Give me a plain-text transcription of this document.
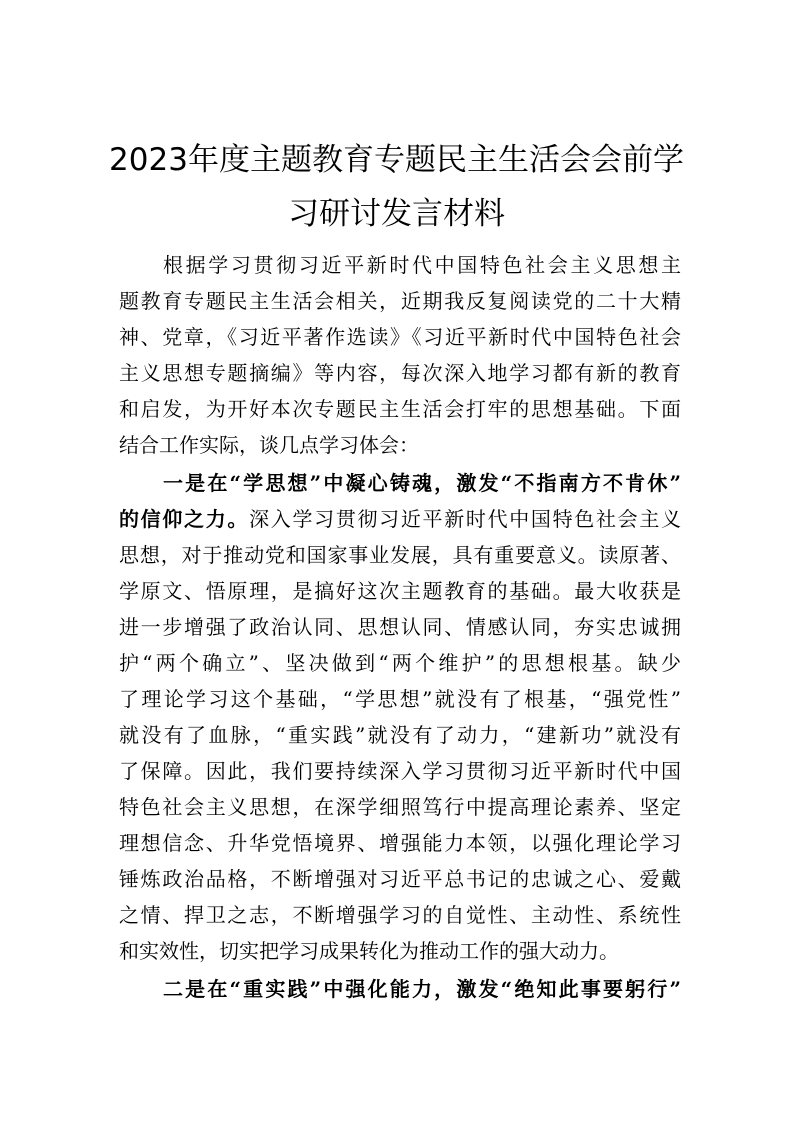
2023年度主题教育专题民主生活会会前学
习研讨发言材料
根据学习贯彻习近平新时代中国特色社会主义思想主
题教育专题民主生活会相关，近期我反复阅读党的二十大精
神、党章，《习近平著作选读》《习近平新时代中国特色社会
主义思想专题摘编》等内容，每次深入地学习都有新的教育
和启发，为开好本次专题民主生活会打牢的思想基础。下面
结合工作实际，谈几点学习体会：
一是在“学思想”中凝心铸魂，激发“不指南方不肯休”
的信仰之力。深入学习贯彻习近平新时代中国特色社会主义
思想，对于推动党和国家事业发展，具有重要意义。读原著、
学原文、悟原理，是搞好这次主题教育的基础。最大收获是
进一步增强了政治认同、思想认同、情感认同，夯实忠诚拥
护“两个确立”、坚决做到“两个维护”的思想根基。缺少
了理论学习这个基础，“学思想”就没有了根基，“强党性”
就没有了血脉，“重实践”就没有了动力，“建新功”就没有
了保障。因此，我们要持续深入学习贯彻习近平新时代中国
特色社会主义思想，在深学细照笃行中提高理论素养、坚定
理想信念、升华党悟境界、增强能力本领，以强化理论学习
锤炼政治品格，不断增强对习近平总书记的忠诚之心、爱戴
之情、捍卫之志，不断增强学习的自觉性、主动性、系统性
和实效性，切实把学习成果转化为推动工作的强大动力。
二是在“重实践”中强化能力，激发“绝知此事要躬行”
